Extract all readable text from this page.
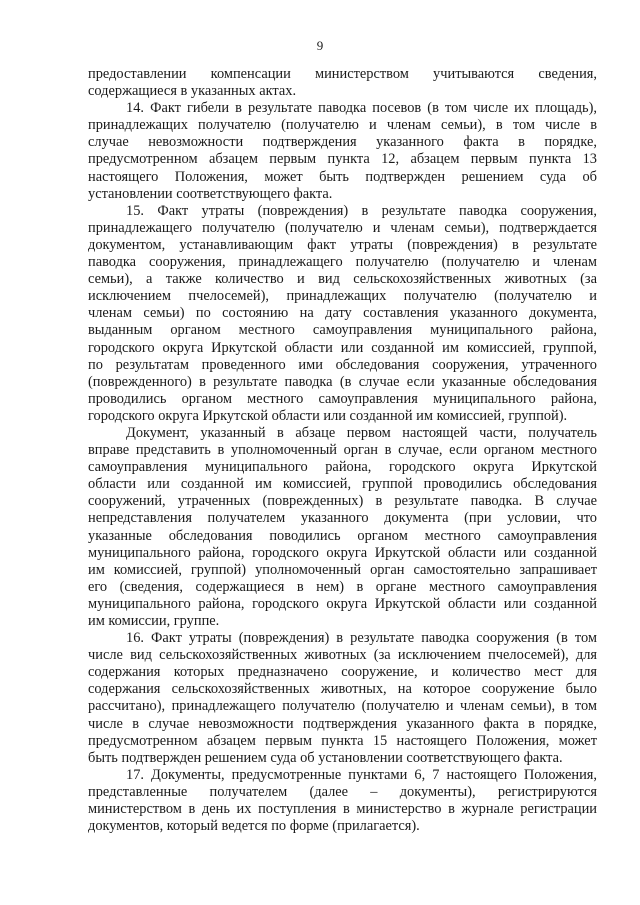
9

предоставлении компенсации министерством учитываются сведения,
содержащиеся в указанных актах.

14. Факт гибели в результате паводка посевов (в том числе их площадь),
принадлежащих получателю (получателю и членам семьи), в том числе в
случае невозможности подтверждения указанного факта в порядке,
предусмотренном абзацем первым пункта 12, абзацем первым пункта 13
настоящего Положения, может быть подтвержден решением суда об
установлении соответствующего факта.

15. Факт утраты (повреждения) в результате паводка сооружения,
принадлежащего получателю (получателю и членам семьи), подтверждается
документом, устанавливающим факт утраты (повреждения) в результате
паводка сооружения, принадлежащего получателю (получателю и членам
семьи), а также количество и вид сельскохозяйственных животных (за
исключением пчелосемей), принадлежащих получателю (получателю и
членам семьи) по состоянию на дату составления указанного документа,
выданным органом местного самоуправления муниципального района,
городского округа Иркутской области или созданной им комиссией, группой,
по результатам проведенного ими обследования сооружения, утраченного
(поврежденного) в результате паводка (в случае если указанные обследования
проводились органом местного самоуправления муниципального района,
городского округа Иркутской области или созданной им комиссией, группой).

Документ, указанный в абзаце первом настоящей части, получатель
вправе представить в уполномоченный орган в случае, если органом местного
самоуправления муниципального района, городского округа Иркутской
области или созданной им комиссией, группой проводились обследования
сооружений, утраченных (поврежденных) в результате паводка. В случае
непредставления получателем указанного документа (при условии, что
указанные обследования поводились органом местного самоуправления
муниципального района, городского округа Иркутской области или созданной
им комиссией, группой) уполномоченный орган самостоятельно запрашивает
его (сведения, содержащиеся в нем) в органе местного самоуправления
муниципального района, городского округа Иркутской области или созданной
им комиссии, группе.

16. Факт утраты (повреждения) в результате паводка сооружения (в том
числе вид сельскохозяйственных животных (за исключением пчелосемей), для
содержания которых предназначено сооружение, и количество мест для
содержания сельскохозяйственных животных, на которое сооружение было
рассчитано), принадлежащего получателю (получателю и членам семьи), в том
числе в случае невозможности подтверждения указанного факта в порядке,
предусмотренном абзацем первым пункта 15 настоящего Положения, может
быть подтвержден решением суда об установлении соответствующего факта.

17. Документы, предусмотренные пунктами 6, 7 настоящего Положения,
представленные получателем (далее – документы), регистрируются
министерством в день их поступления в министерство в журнале регистрации
документов, который ведется по форме (прилагается).
